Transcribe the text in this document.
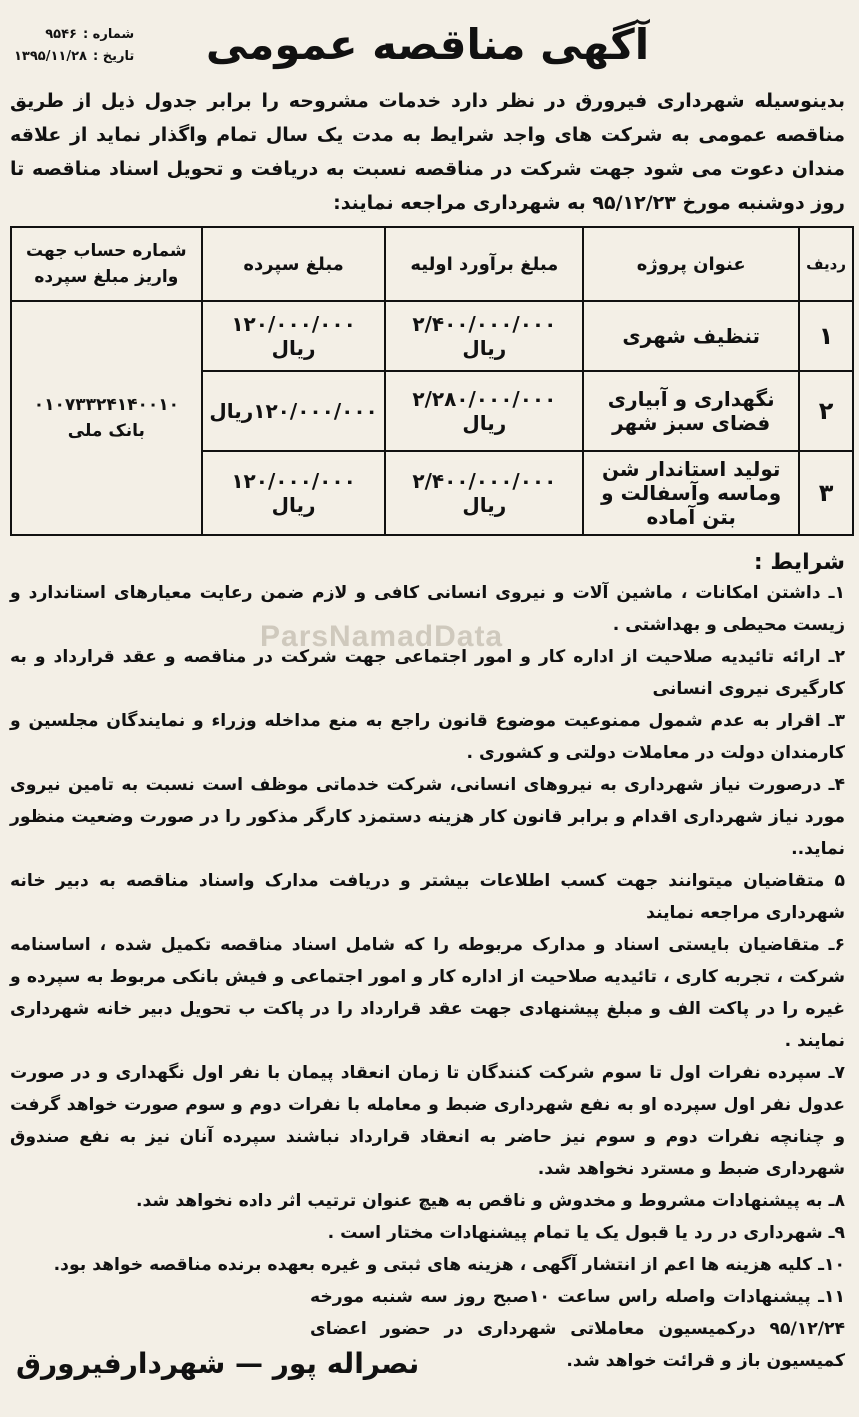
آگهی مناقصه عمومی
شماره :
۹۵۴۶
تاریخ :
۱۳۹۵/۱۱/۲۸
بدینوسیله شهرداری فیرورق در نظر دارد خدمات مشروحه را برابر جدول ذیل از طریق مناقصه عمومی به شرکت های واجد شرایط به مدت یک سال تمام واگذار نماید از علاقه مندان دعوت می شود جهت شرکت در مناقصه نسبت به دریافت و تحویل اسناد مناقصه تا روز دوشنبه مورخ ۹۵/۱۲/۲۳ به شهرداری مراجعه نمایند:
ردیف	عنوان پروژه	مبلغ برآورد اولیه	مبلغ سپرده	شماره حساب جهت واریز مبلغ سپرده
۱	تنظیف شهری	۲/۴۰۰/۰۰۰/۰۰۰ ریال	۱۲۰/۰۰۰/۰۰۰ ریال	۰۱۰۷۳۳۲۴۱۴۰۰۱۰
بانک ملی

۲	نگهداری و آبیاری فضای سبز شهر	۲/۲۸۰/۰۰۰/۰۰۰ ریال	۱۲۰/۰۰۰/۰۰۰ریال	
۳	تولید استاندار شن وماسه وآسفالت و بتن آماده	۲/۴۰۰/۰۰۰/۰۰۰ ریال	۱۲۰/۰۰۰/۰۰۰ ریال	
شرایط :
۱ـ داشتن امکانات ، ماشین آلات و نیروی انسانی کافی و لازم ضمن رعایت معیارهای استاندارد و زیست محیطی و بهداشتی .
۲ـ ارائه تائیدیه صلاحیت از اداره کار و امور اجتماعی جهت شرکت در مناقصه و عقد قرارداد و به کارگیری نیروی انسانی
۳ـ اقرار به عدم شمول ممنوعیت موضوع قانون راجع به منع مداخله وزراء و نمایندگان مجلسین و کارمندان دولت در معاملات دولتی و کشوری .
۴ـ درصورت نیاز شهرداری به نیروهای انسانی، شرکت خدماتی موظف است نسبت به تامین نیروی مورد نیاز شهرداری اقدام و برابر قانون کار هزینه دستمزد کارگر مذکور را در صورت وضعیت منظور نماید..
۵ متقاضیان میتوانند جهت کسب اطلاعات بیشتر و دریافت مدارک واسناد مناقصه به دبیر خانه شهرداری مراجعه نمایند
۶ـ متقاضیان بایستی اسناد و مدارک مربوطه را که شامل اسناد مناقصه تکمیل شده ، اساسنامه شرکت ، تجربه کاری ، تائیدیه صلاحیت از اداره کار و امور اجتماعی و فیش بانکی مربوط به سپرده و غیره را در پاکت الف و مبلغ پیشنهادی جهت عقد قرارداد را در پاکت ب تحویل دبیر خانه شهرداری نمایند .
۷ـ سپرده نفرات اول تا سوم شرکت کنندگان تا زمان انعقاد پیمان با نفر اول نگهداری و در صورت عدول نفر اول سپرده او به نفع شهرداری ضبط و معامله با نفرات دوم و سوم صورت خواهد گرفت و چنانچه نفرات دوم و سوم نیز حاضر به انعقاد قرارداد نباشند سپرده آنان نیز به نفع صندوق شهرداری ضبط و مسترد نخواهد شد.
۸ـ به پیشنهادات مشروط و مخدوش و ناقص به هیچ عنوان ترتیب اثر داده نخواهد شد.
۹ـ شهرداری در رد یا قبول یک یا تمام پیشنهادات مختار است .
۱۰ـ کلیه هزینه ها اعم از انتشار آگهی ، هزینه های ثبتی و غیره بعهده برنده مناقصه خواهد بود.
۱۱ـ پیشنهادات واصله راس ساعت ۱۰صبح روز سه شنبه مورخه ۹۵/۱۲/۲۴ درکمیسیون معاملاتی شهرداری در حضور اعضای کمیسیون باز و قرائت خواهد شد.
نصراله پور — شهردارفیرورق
ParsNamadData
